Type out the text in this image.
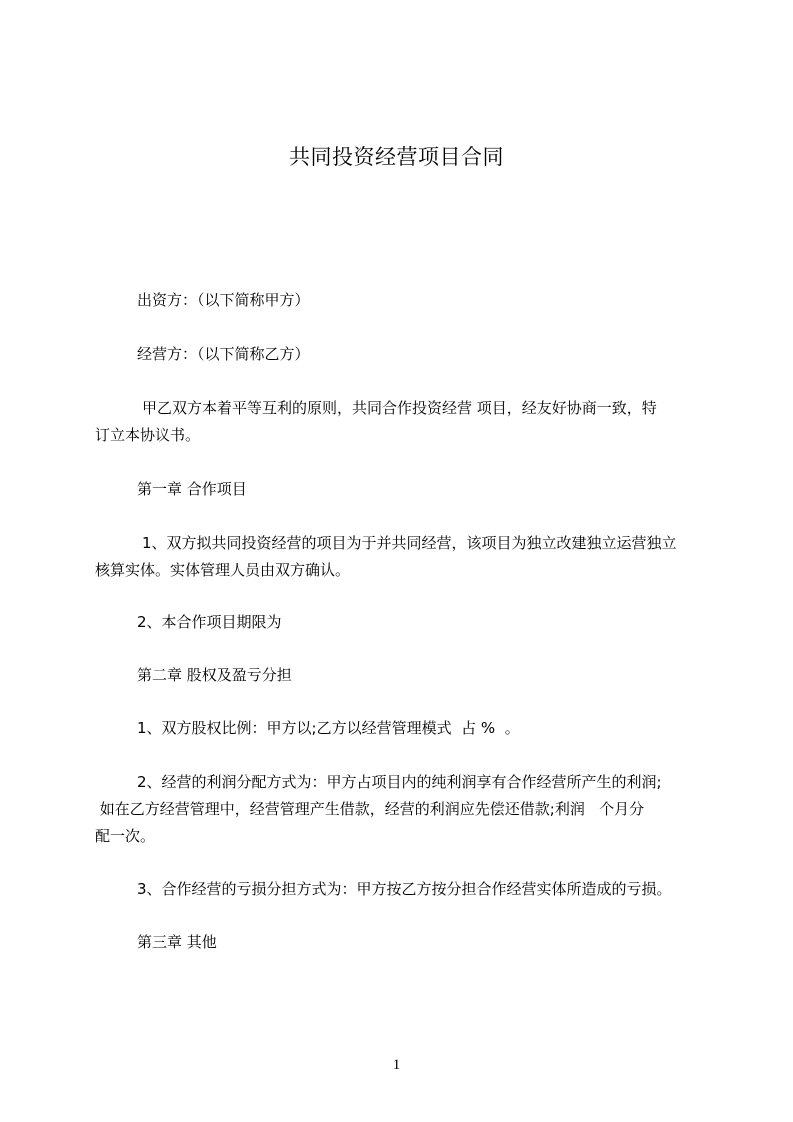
共同投资经营项目合同
出资方：（以下简称甲方）
经营方：（以下简称乙方）
甲乙双方本着平等互利的原则，共同合作投资经营 项目，经友好协商一致，特
订立本协议书。
第一章 合作项目
1、双方拟共同投资经营的项目为于并共同经营，该项目为独立改建独立运营独立
核算实体。实体管理人员由双方确认。
2、本合作项目期限为
第二章 股权及盈亏分担
1、双方股权比例：甲方以;乙方以经营管理模式  占 %  。
2、经营的利润分配方式为：甲方占项目内的纯利润享有合作经营所产生的利润;
如在乙方经营管理中，经营管理产生借款，经营的利润应先偿还借款;利润   个月分
配一次。
3、合作经营的亏损分担方式为：甲方按乙方按分担合作经营实体所造成的亏损。
第三章 其他
1
